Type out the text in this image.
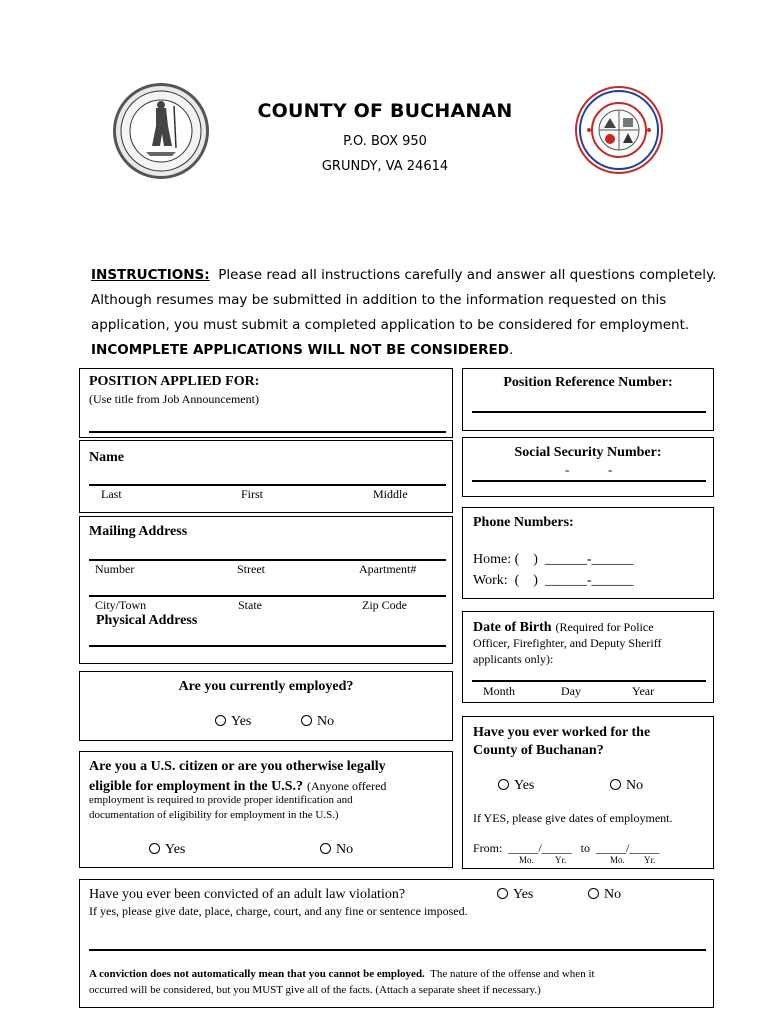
COUNTY OF BUCHANAN
P.O. BOX 950
GRUNDY, VA 24614
INSTRUCTIONS: Please read all instructions carefully and answer all questions completely.
Although resumes may be submitted in addition to the information requested on this
application, you must submit a completed application to be considered for employment.
INCOMPLETE APPLICATIONS WILL NOT BE CONSIDERED.
POSITION APPLIED FOR:
(Use title from Job Announcement)
Position Reference Number:
Name
Last	First	Middle
Social Security Number:
-	-
Mailing Address
Number	Street	Apartment#
City/Town	State	Zip Code
Physical Address
Phone Numbers:
Home: (    )  ______-______
Work:  (    )  ______-______
Date of Birth (Required for Police
Officer, Firefighter, and Deputy Sheriff
applicants only):
Month	Day	Year
Are you currently employed?
Yes	No
Have you ever worked for the
County of Buchanan?
Yes	No
If YES, please give dates of employment.
From:  _____/_____   to  _____/_____
Mo. Yr.	Mo. Yr.
Are you a U.S. citizen or are you otherwise legally
eligible for employment in the U.S.? (Anyone offered
employment is required to provide proper identification and
documentation of eligibility for employment in the U.S.)
Yes	No
Have you ever been convicted of an adult law violation?	Yes	No
If yes, please give date, place, charge, court, and any fine or sentence imposed.
A conviction does not automatically mean that you cannot be employed. The nature of the offense and when it
occurred will be considered, but you MUST give all of the facts. (Attach a separate sheet if necessary.)
